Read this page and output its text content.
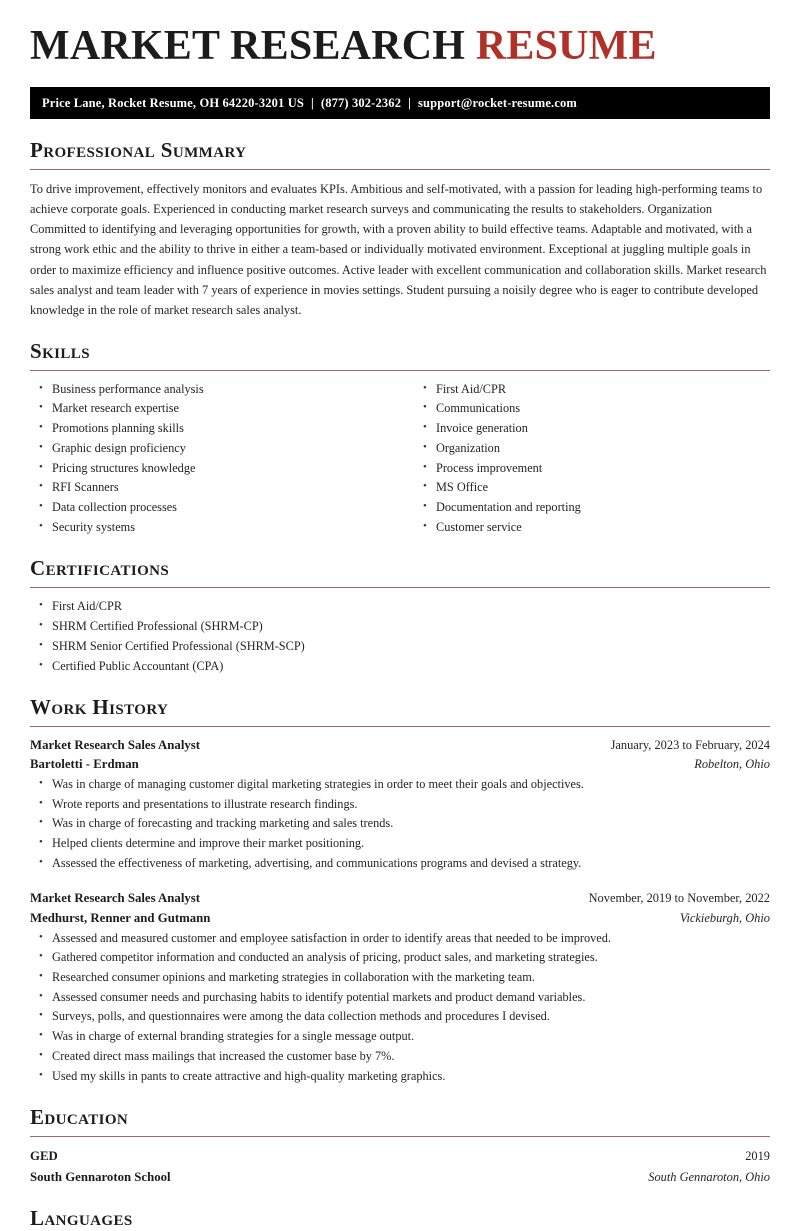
MARKET RESEARCH RESUME
Price Lane, Rocket Resume, OH 64220-3201 US | (877) 302-2362 | support@rocket-resume.com
Professional Summary

To drive improvement, effectively monitors and evaluates KPIs. Ambitious and self-motivated, with a passion for leading high-performing teams to achieve corporate goals. Experienced in conducting market research surveys and communicating the results to stakeholders. Organization Committed to identifying and leveraging opportunities for growth, with a proven ability to build effective teams. Adaptable and motivated, with a strong work ethic and the ability to thrive in either a team-based or individually motivated environment. Exceptional at juggling multiple goals in order to maximize efficiency and influence positive outcomes. Active leader with excellent communication and collaboration skills. Market research sales analyst and team leader with 7 years of experience in movies settings. Student pursuing a noisily degree who is eager to contribute developed knowledge in the role of market research sales analyst.

Skills
• Business performance analysis
• Market research expertise
• Promotions planning skills
• Graphic design proficiency
• Pricing structures knowledge
• RFI Scanners
• Data collection processes
• Security systems
• First Aid/CPR
• Communications
• Invoice generation
• Organization
• Process improvement
• MS Office
• Documentation and reporting
• Customer service
Certifications
• First Aid/CPR
• SHRM Certified Professional (SHRM-CP)
• SHRM Senior Certified Professional (SHRM-SCP)
• Certified Public Accountant (CPA)
Work History
Market Research Sales Analyst	January, 2023 to February, 2024
Bartoletti - Erdman	Robelton, Ohio
• Was in charge of managing customer digital marketing strategies in order to meet their goals and objectives.
• Wrote reports and presentations to illustrate research findings.
• Was in charge of forecasting and tracking marketing and sales trends.
• Helped clients determine and improve their market positioning.
• Assessed the effectiveness of marketing, advertising, and communications programs and devised a strategy.
Market Research Sales Analyst	November, 2019 to November, 2022
Medhurst, Renner and Gutmann	Vickieburgh, Ohio
• Assessed and measured customer and employee satisfaction in order to identify areas that needed to be improved.
• Gathered competitor information and conducted an analysis of pricing, product sales, and marketing strategies.
• Researched consumer opinions and marketing strategies in collaboration with the marketing team.
• Assessed consumer needs and purchasing habits to identify potential markets and product demand variables.
• Surveys, polls, and questionnaires were among the data collection methods and procedures I devised.
• Was in charge of external branding strategies for a single message output.
• Created direct mass mailings that increased the customer base by 7%.
• Used my skills in pants to create attractive and high-quality marketing graphics.
Education
GED	2019
South Gennaroton School	South Gennaroton, Ohio
Languages
